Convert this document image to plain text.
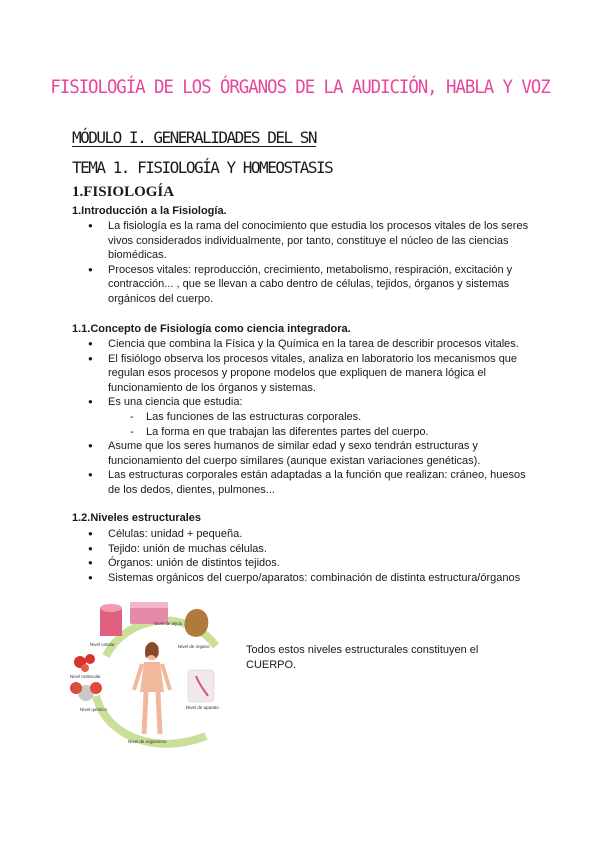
FISIOLOGÍA DE LOS ÓRGANOS DE LA AUDICIÓN, HABLA Y VOZ
MÓDULO I. GENERALIDADES DEL SN
TEMA 1. FISIOLOGÍA Y HOMEOSTASIS
1.FISIOLOGÍA
1.Introducción a la Fisiología.
● La fisiología es la rama del conocimiento que estudia los procesos vitales de los seres vivos considerados individualmente, por tanto, constituye el núcleo de las ciencias biomédicas.
● Procesos vitales: reproducción, crecimiento, metabolismo, respiración, excitación y contracción... , que se llevan a cabo dentro de células, tejidos, órganos y sistemas orgánicos del cuerpo.
1.1.Concepto de Fisiología como ciencia integradora.
● Ciencia que combina la Física y la Química en la tarea de describir procesos vitales.
● El fisiólogo observa los procesos vitales, analiza en laboratorio los mecanismos que regulan esos procesos y propone modelos que expliquen de manera lógica el funcionamiento de los órganos y sistemas.
● Es una ciencia que estudia:
- Las funciones de las estructuras corporales.
- La forma en que trabajan las diferentes partes del cuerpo.
● Asume que los seres humanos de similar edad y sexo tendrán estructuras y funcionamiento del cuerpo similares (aunque existan variaciones genéticas).
● Las estructuras corporales están adaptadas a la función que realizan: cráneo, huesos de los dedos, dientes, pulmones...
1.2.Niveles estructurales
● Células: unidad + pequeña.
● Tejido: unión de muchas células.
● Órganos: unión de distintos tejidos.
● Sistemas orgánicos del cuerpo/aparatos: combinación de distinta estructura/órganos
Nivel de tejido
Nivel celular	Nivel de órgano
Nivel molecular
Nivel químico	Nivel de aparato
Nivel de organismo
Todos estos niveles estructurales constituyen el CUERPO.
